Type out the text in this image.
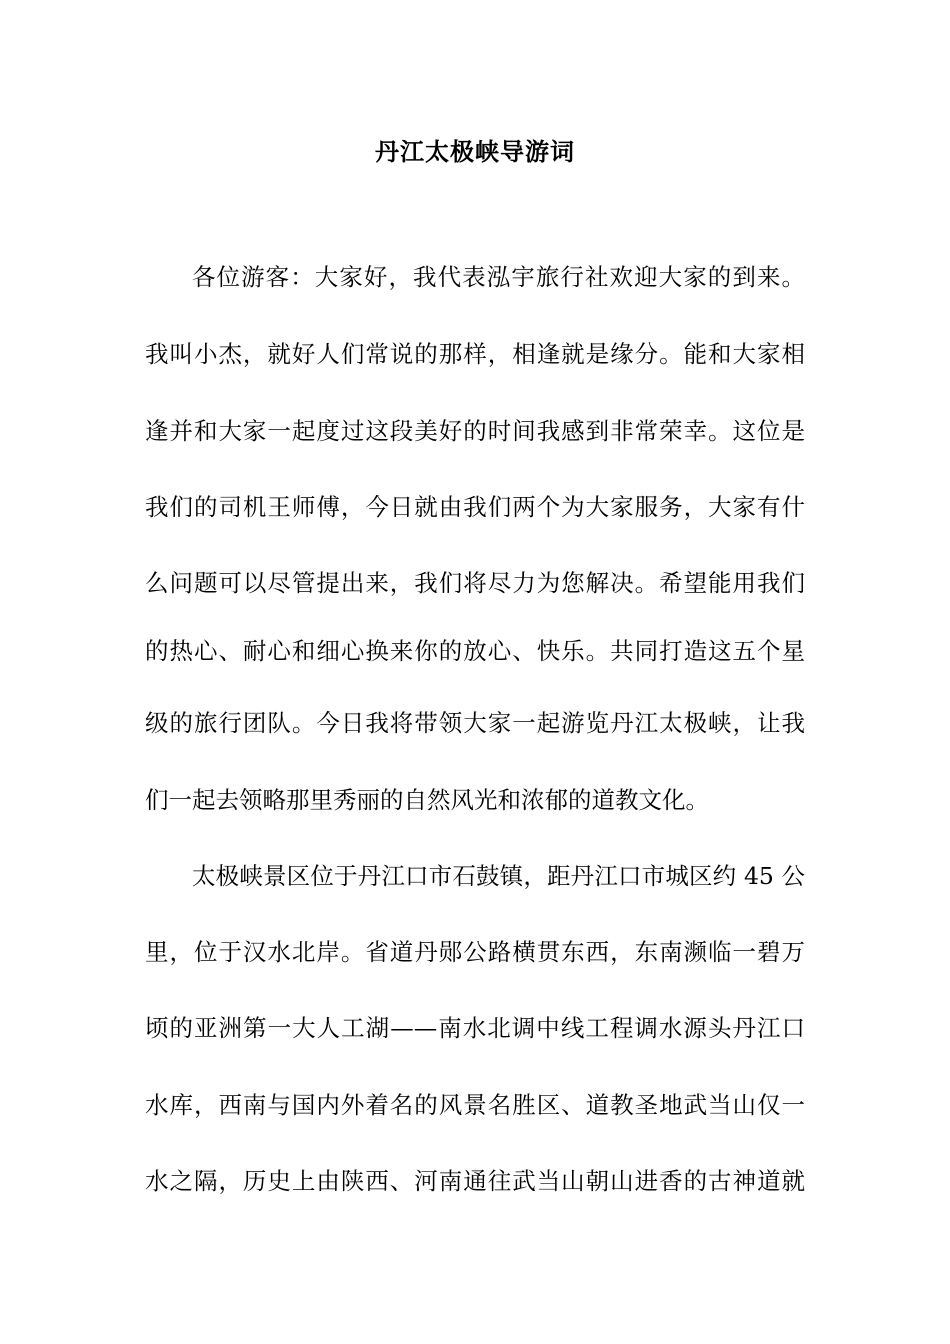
丹江太极峡导游词
各位游客：大家好，我代表泓宇旅行社欢迎大家的到来。
我叫小杰，就好人们常说的那样，相逢就是缘分。能和大家相
逢并和大家一起度过这段美好的时间我感到非常荣幸。这位是
我们的司机王师傅，今日就由我们两个为大家服务，大家有什
么问题可以尽管提出来，我们将尽力为您解决。希望能用我们
的热心、耐心和细心换来你的放心、快乐。共同打造这五个星
级的旅行团队。今日我将带领大家一起游览丹江太极峡，让我
们一起去领略那里秀丽的自然风光和浓郁的道教文化。
太极峡景区位于丹江口市石鼓镇，距丹江口市城区约 45 公
里，位于汉水北岸。省道丹郧公路横贯东西，东南濒临一碧万
顷的亚洲第一大人工湖——南水北调中线工程调水源头丹江口
水库，西南与国内外着名的风景名胜区、道教圣地武当山仅一
水之隔，历史上由陕西、河南通往武当山朝山进香的古神道就
